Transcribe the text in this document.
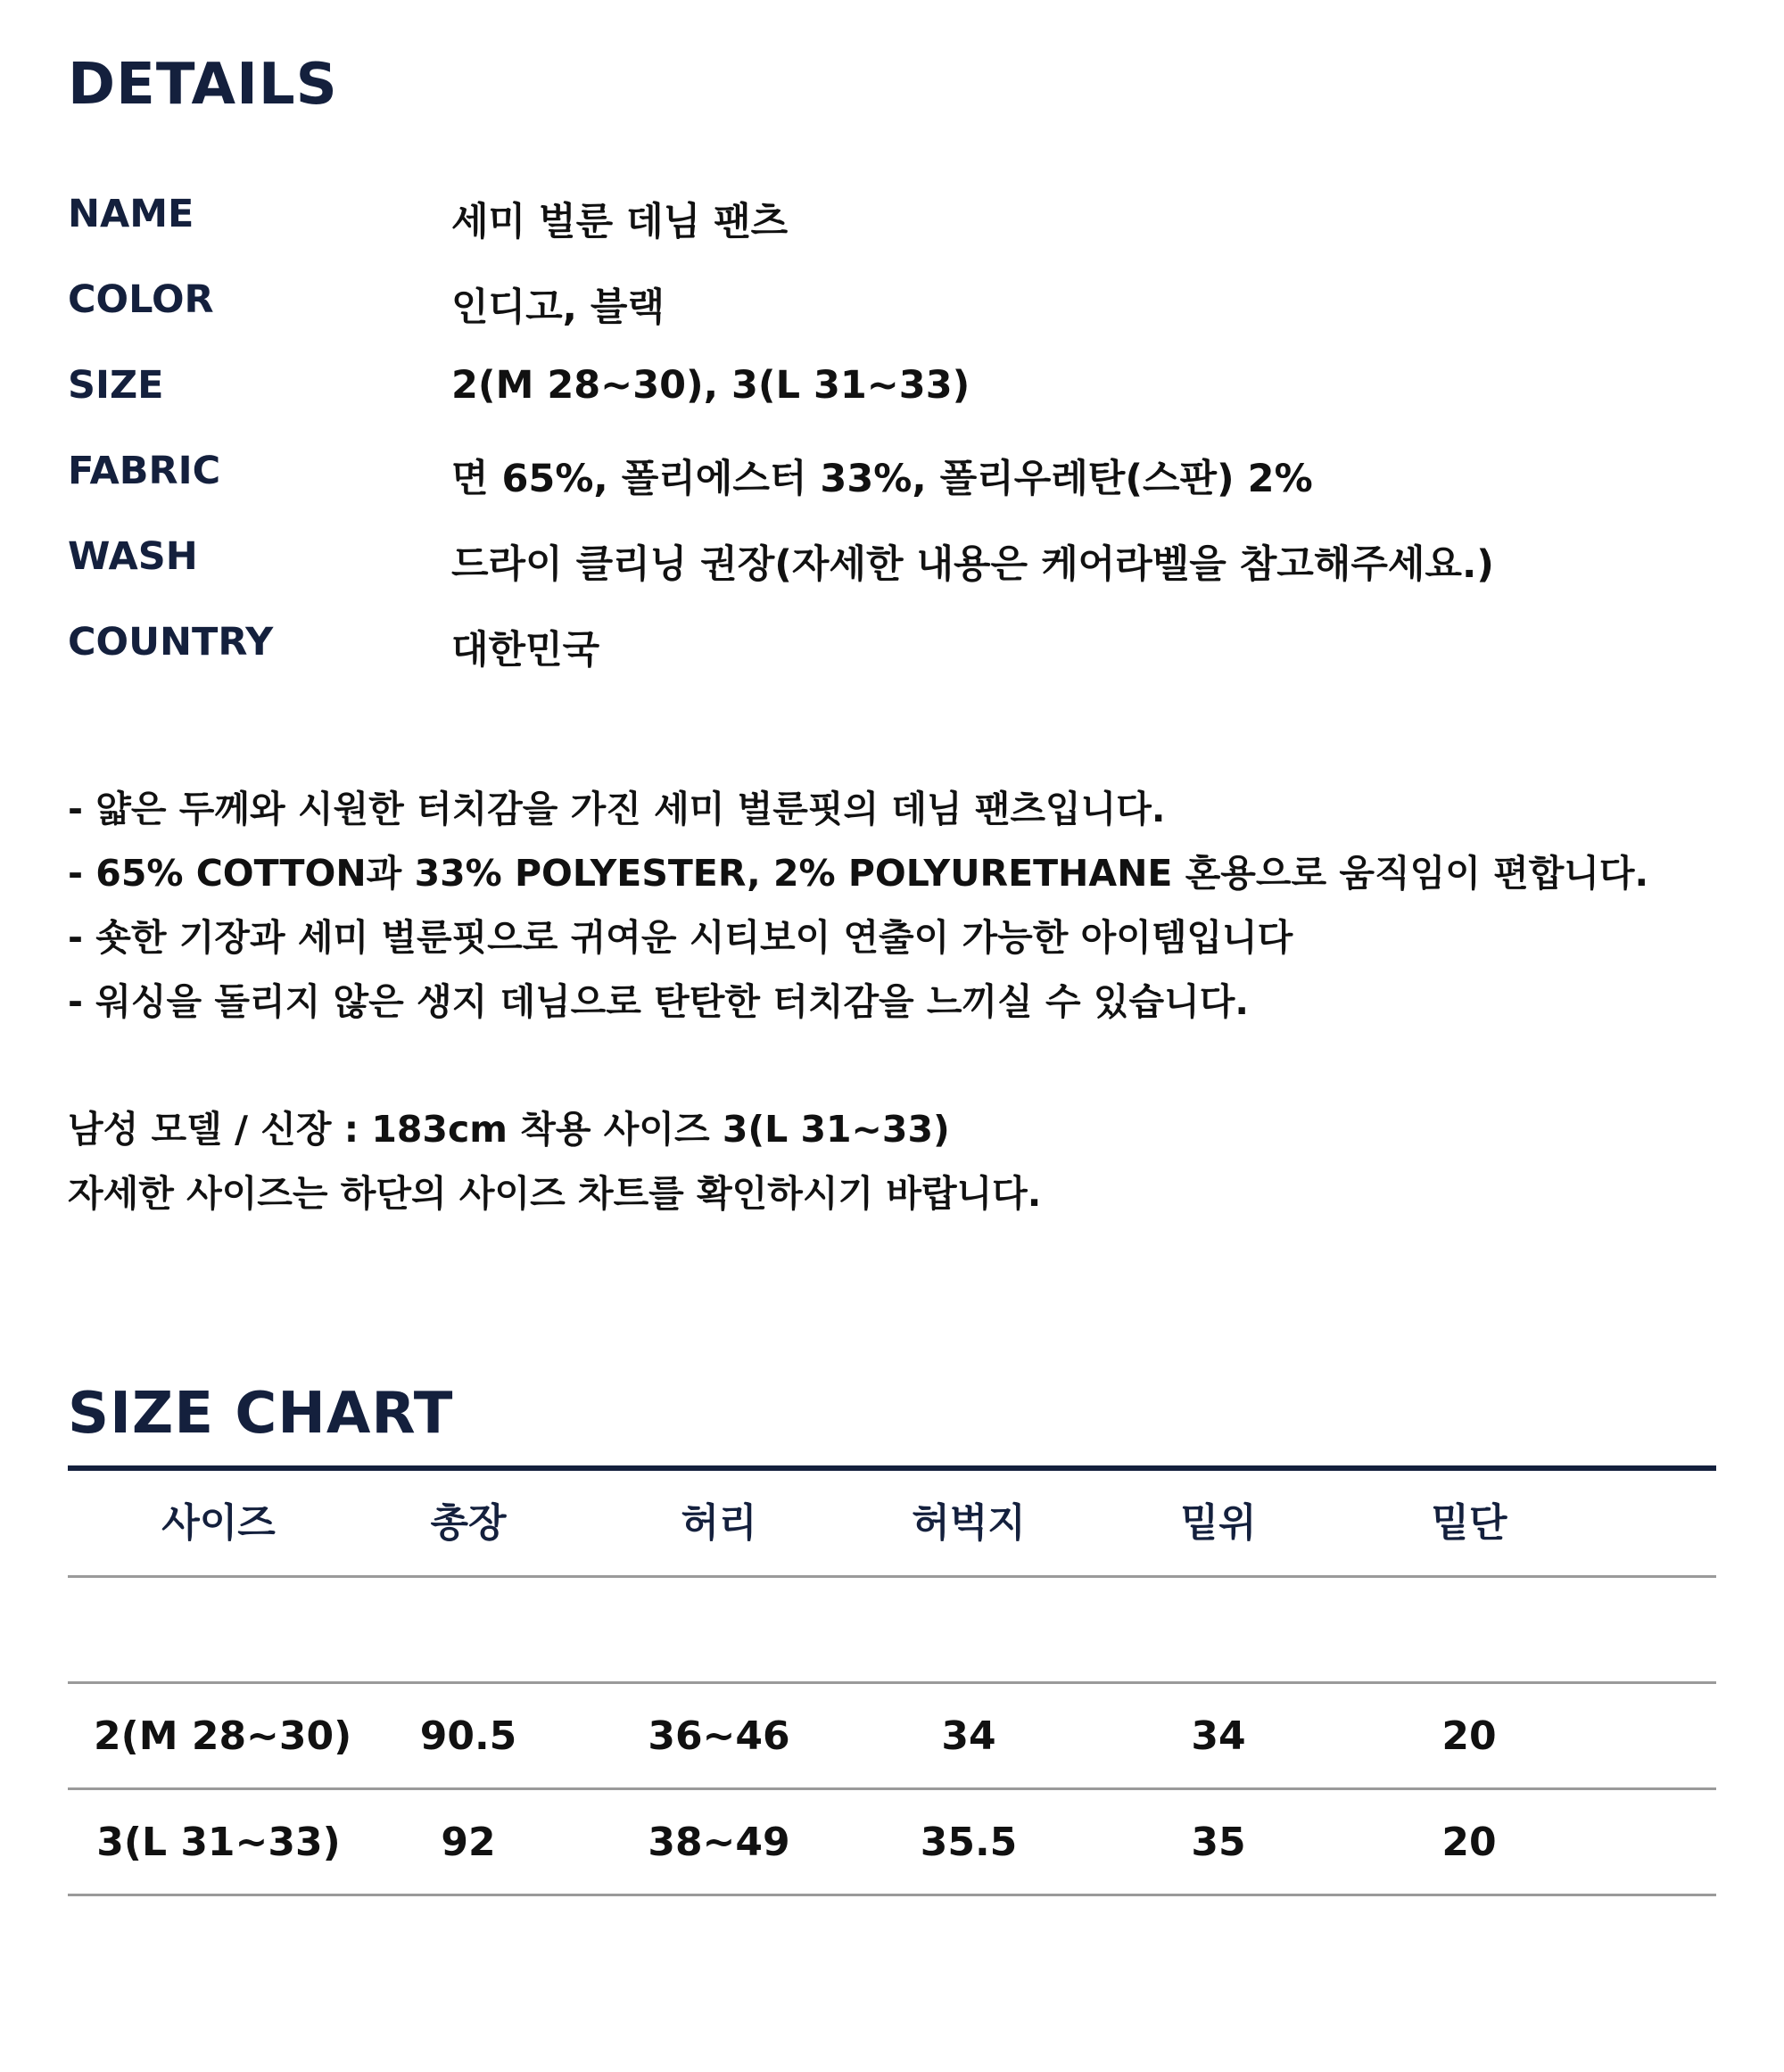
DETAILS
NAME	세미 벌룬 데님 팬츠
COLOR	인디고, 블랙
SIZE	2(M 28~30), 3(L 31~33)
FABRIC	면 65%, 폴리에스터 33%, 폴리우레탄(스판) 2%
WASH	드라이 클리닝 권장(자세한 내용은 케어라벨을 참고해주세요.)
COUNTRY	대한민국
- 얇은 두께와 시원한 터치감을 가진 세미 벌룬핏의 데님 팬츠입니다.
- 65% COTTON과 33% POLYESTER, 2% POLYURETHANE 혼용으로 움직임이 편합니다.
- 숏한 기장과 세미 벌룬핏으로 귀여운 시티보이 연출이 가능한 아이템입니다
- 워싱을 돌리지 않은 생지 데님으로 탄탄한 터치감을 느끼실 수 있습니다.
남성 모델 / 신장 : 183cm 착용 사이즈 3(L 31~33)
자세한 사이즈는 하단의 사이즈 차트를 확인하시기 바랍니다.
SIZE CHART
사이즈	총장	허리	허벅지	밑위	밑단
2(M 28~30)	90.5	36~46	34	34	20
3(L 31~33)	92	38~49	35.5	35	20
